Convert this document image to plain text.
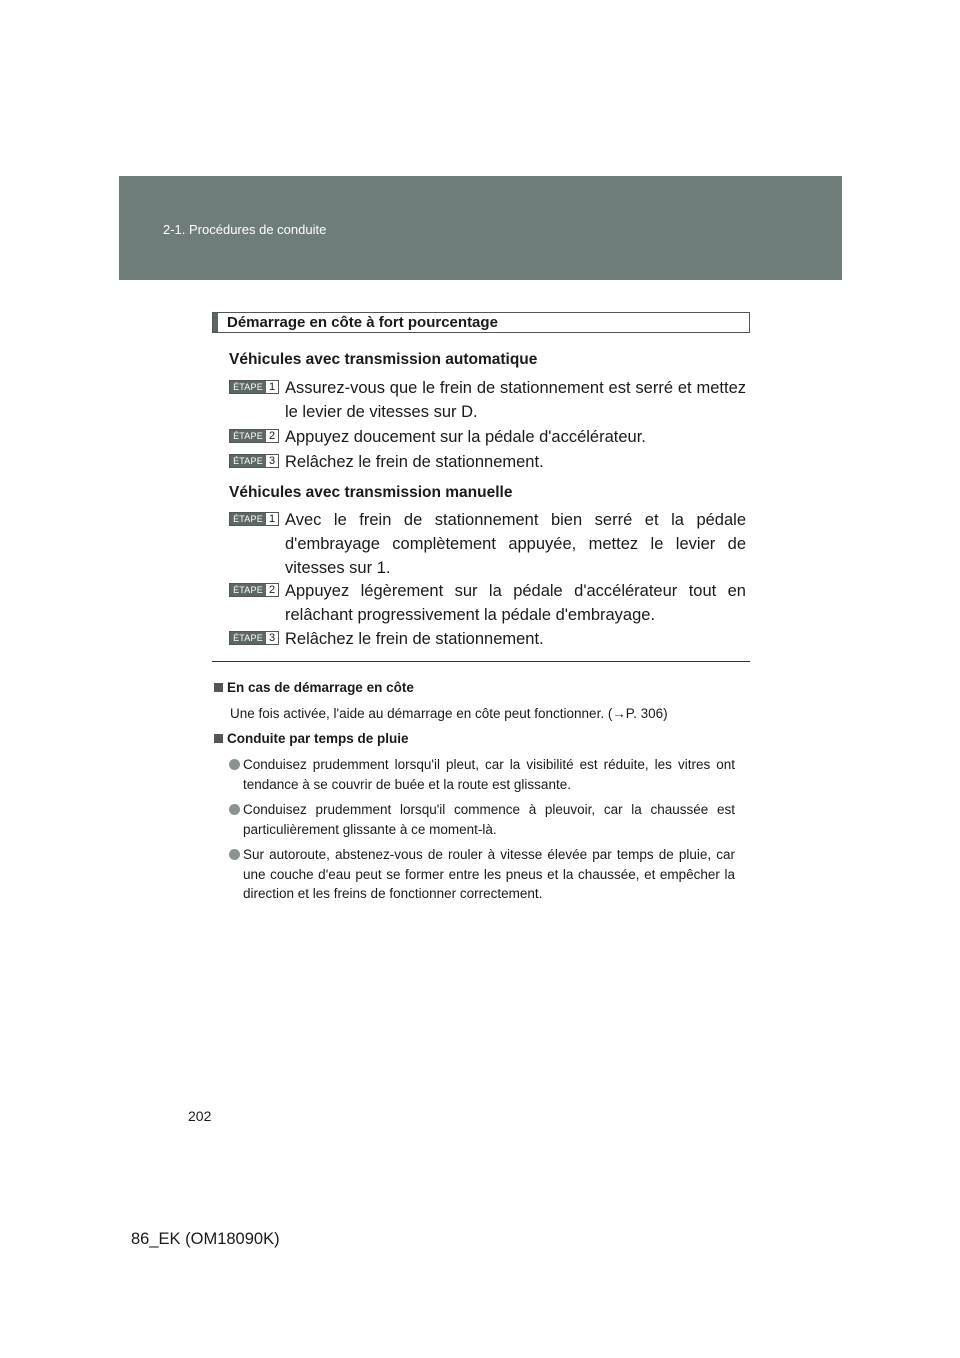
2-1. Procédures de conduite
Démarrage en côte à fort pourcentage
Véhicules avec transmission automatique
ÉTAPE 1 Assurez-vous que le frein de stationnement est serré et mettez le levier de vitesses sur D.
ÉTAPE 2 Appuyez doucement sur la pédale d'accélérateur.
ÉTAPE 3 Relâchez le frein de stationnement.
Véhicules avec transmission manuelle
ÉTAPE 1 Avec le frein de stationnement bien serré et la pédale d'embrayage complètement appuyée, mettez le levier de vitesses sur 1.
ÉTAPE 2 Appuyez légèrement sur la pédale d'accélérateur tout en relâchant progressivement la pédale d'embrayage.
ÉTAPE 3 Relâchez le frein de stationnement.
En cas de démarrage en côte
Une fois activée, l'aide au démarrage en côte peut fonctionner. (→P. 306)
Conduite par temps de pluie
Conduisez prudemment lorsqu'il pleut, car la visibilité est réduite, les vitres ont tendance à se couvrir de buée et la route est glissante.
Conduisez prudemment lorsqu'il commence à pleuvoir, car la chaussée est particulièrement glissante à ce moment-là.
Sur autoroute, abstenez-vous de rouler à vitesse élevée par temps de pluie, car une couche d'eau peut se former entre les pneus et la chaussée, et empêcher la direction et les freins de fonctionner correctement.
202
86_EK (OM18090K)
